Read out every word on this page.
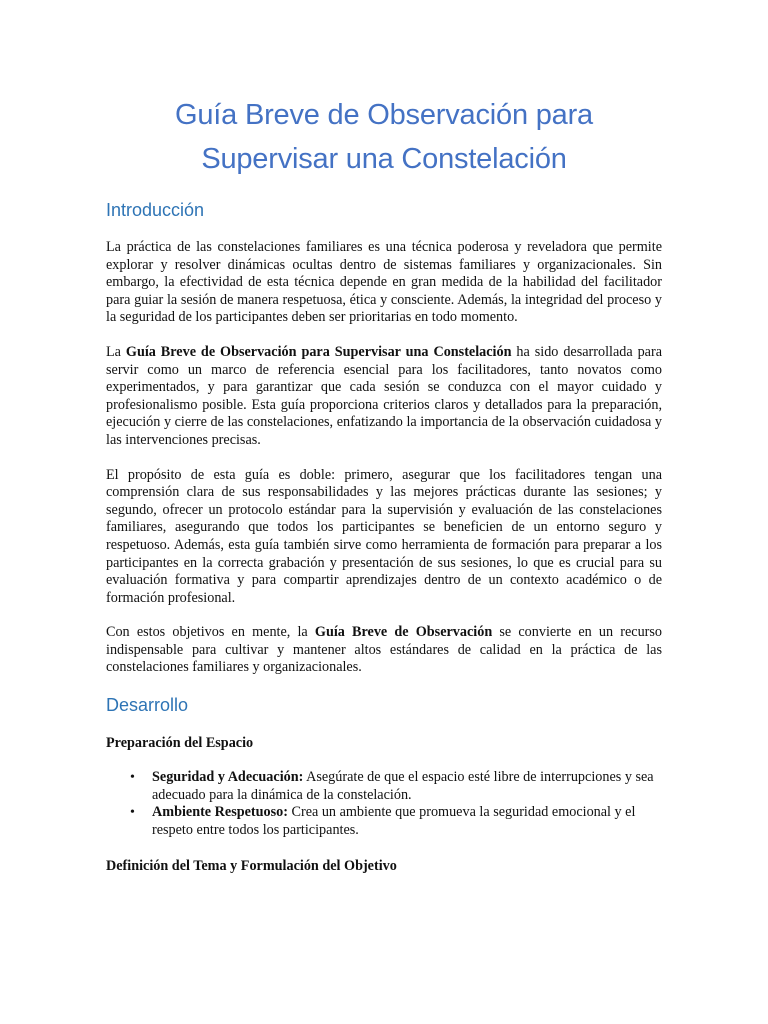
Guía Breve de Observación para
Supervisar una Constelación
Introducción

La práctica de las constelaciones familiares es una técnica poderosa y reveladora que permite explorar y resolver dinámicas ocultas dentro de sistemas familiares y organizacionales. Sin embargo, la efectividad de esta técnica depende en gran medida de la habilidad del facilitador para guiar la sesión de manera respetuosa, ética y consciente. Además, la integridad del proceso y la seguridad de los participantes deben ser prioritarias en todo momento.

La Guía Breve de Observación para Supervisar una Constelación ha sido desarrollada para servir como un marco de referencia esencial para los facilitadores, tanto novatos como experimentados, y para garantizar que cada sesión se conduzca con el mayor cuidado y profesionalismo posible. Esta guía proporciona criterios claros y detallados para la preparación, ejecución y cierre de las constelaciones, enfatizando la importancia de la observación cuidadosa y las intervenciones precisas.

El propósito de esta guía es doble: primero, asegurar que los facilitadores tengan una comprensión clara de sus responsabilidades y las mejores prácticas durante las sesiones; y segundo, ofrecer un protocolo estándar para la supervisión y evaluación de las constelaciones familiares, asegurando que todos los participantes se beneficien de un entorno seguro y respetuoso. Además, esta guía también sirve como herramienta de formación para preparar a los participantes en la correcta grabación y presentación de sus sesiones, lo que es crucial para su evaluación formativa y para compartir aprendizajes dentro de un contexto académico o de formación profesional.

Con estos objetivos en mente, la Guía Breve de Observación se convierte en un recurso indispensable para cultivar y mantener altos estándares de calidad en la práctica de las constelaciones familiares y organizacionales.

Desarrollo

Preparación del Espacio

• Seguridad y Adecuación: Asegúrate de que el espacio esté libre de interrupciones y sea adecuado para la dinámica de la constelación.
• Ambiente Respetuoso: Crea un ambiente que promueva la seguridad emocional y el respeto entre todos los participantes.

Definición del Tema y Formulación del Objetivo
